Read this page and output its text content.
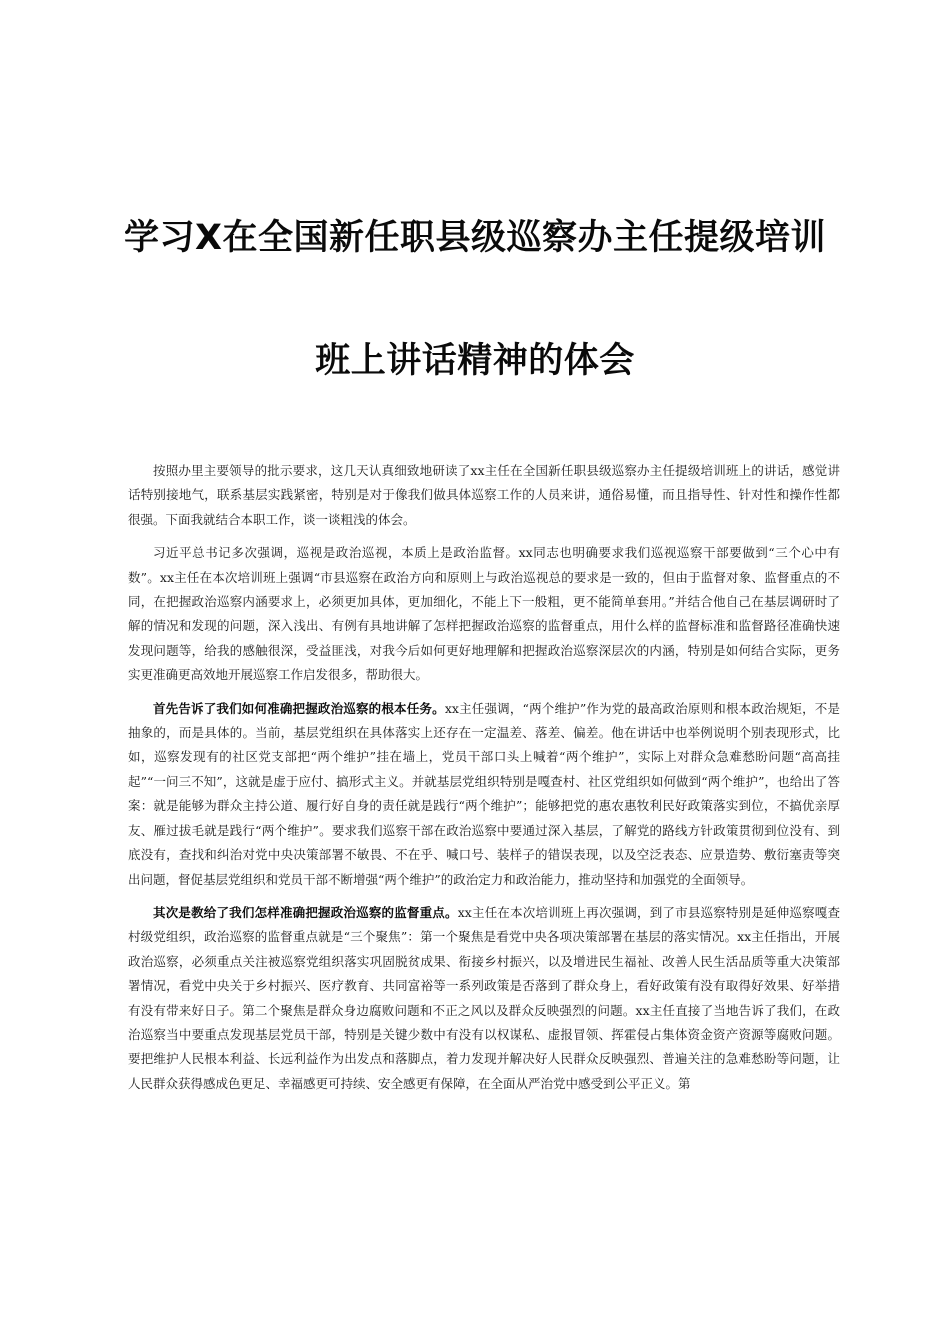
学习X在全国新任职县级巡察办主任提级培训
班上讲话精神的体会

按照办里主要领导的批示要求，这几天认真细致地研读了xx主任在全国新任职县级巡察办主任提级培训班上的讲话，感觉讲话特别接地气，联系基层实践紧密，特别是对于像我们做具体巡察工作的人员来讲，通俗易懂，而且指导性、针对性和操作性都很强。下面我就结合本职工作，谈一谈粗浅的体会。

习近平总书记多次强调，巡视是政治巡视，本质上是政治监督。xx同志也明确要求我们巡视巡察干部要做到“三个心中有数”。xx主任在本次培训班上强调“市县巡察在政治方向和原则上与政治巡视总的要求是一致的，但由于监督对象、监督重点的不同，在把握政治巡察内涵要求上，必须更加具体，更加细化，不能上下一般粗，更不能简单套用。”并结合他自己在基层调研时了解的情况和发现的问题，深入浅出、有例有具地讲解了怎样把握政治巡察的监督重点，用什么样的监督标准和监督路径准确快速发现问题等，给我的感触很深，受益匪浅，对我今后如何更好地理解和把握政治巡察深层次的内涵，特别是如何结合实际，更务实更准确更高效地开展巡察工作启发很多，帮助很大。

首先告诉了我们如何准确把握政治巡察的根本任务。xx主任强调，“两个维护”作为党的最高政治原则和根本政治规矩，不是抽象的，而是具体的。当前，基层党组织在具体落实上还存在一定温差、落差、偏差。他在讲话中也举例说明个别表现形式，比如，巡察发现有的社区党支部把“两个维护”挂在墙上，党员干部口头上喊着“两个维护”，实际上对群众急难愁盼问题“高高挂起”“一问三不知”，这就是虚于应付、搞形式主义。并就基层党组织特别是嘎查村、社区党组织如何做到“两个维护”，也给出了答案：就是能够为群众主持公道、履行好自身的责任就是践行“两个维护”；能够把党的惠农惠牧利民好政策落实到位，不搞优亲厚友、雁过拔毛就是践行“两个维护”。要求我们巡察干部在政治巡察中要通过深入基层，了解党的路线方针政策贯彻到位没有、到底没有，查找和纠治对党中央决策部署不敏畏、不在乎、喊口号、装样子的错误表现，以及空泛表态、应景造势、敷衍塞责等突出问题，督促基层党组织和党员干部不断增强“两个维护”的政治定力和政治能力，推动坚持和加强党的全面领导。

其次是教给了我们怎样准确把握政治巡察的监督重点。xx主任在本次培训班上再次强调，到了市县巡察特别是延伸巡察嘎查村级党组织，政治巡察的监督重点就是“三个聚焦”：第一个聚焦是看党中央各项决策部署在基层的落实情况。xx主任指出，开展政治巡察，必须重点关注被巡察党组织落实巩固脱贫成果、衔接乡村振兴，以及增进民生福祉、改善人民生活品质等重大决策部署情况，看党中央关于乡村振兴、医疗教育、共同富裕等一系列政策是否落到了群众身上，看好政策有没有取得好效果、好举措有没有带来好日子。第二个聚焦是群众身边腐败问题和不正之风以及群众反映强烈的问题。xx主任直接了当地告诉了我们，在政治巡察当中要重点发现基层党员干部，特别是关键少数中有没有以权谋私、虚报冒领、挥霍侵占集体资金资产资源等腐败问题。要把维护人民根本利益、长远利益作为出发点和落脚点，着力发现并解决好人民群众反映强烈、普遍关注的急难愁盼等问题，让人民群众获得感成色更足、幸福感更可持续、安全感更有保障，在全面从严治党中感受到公平正义。第
